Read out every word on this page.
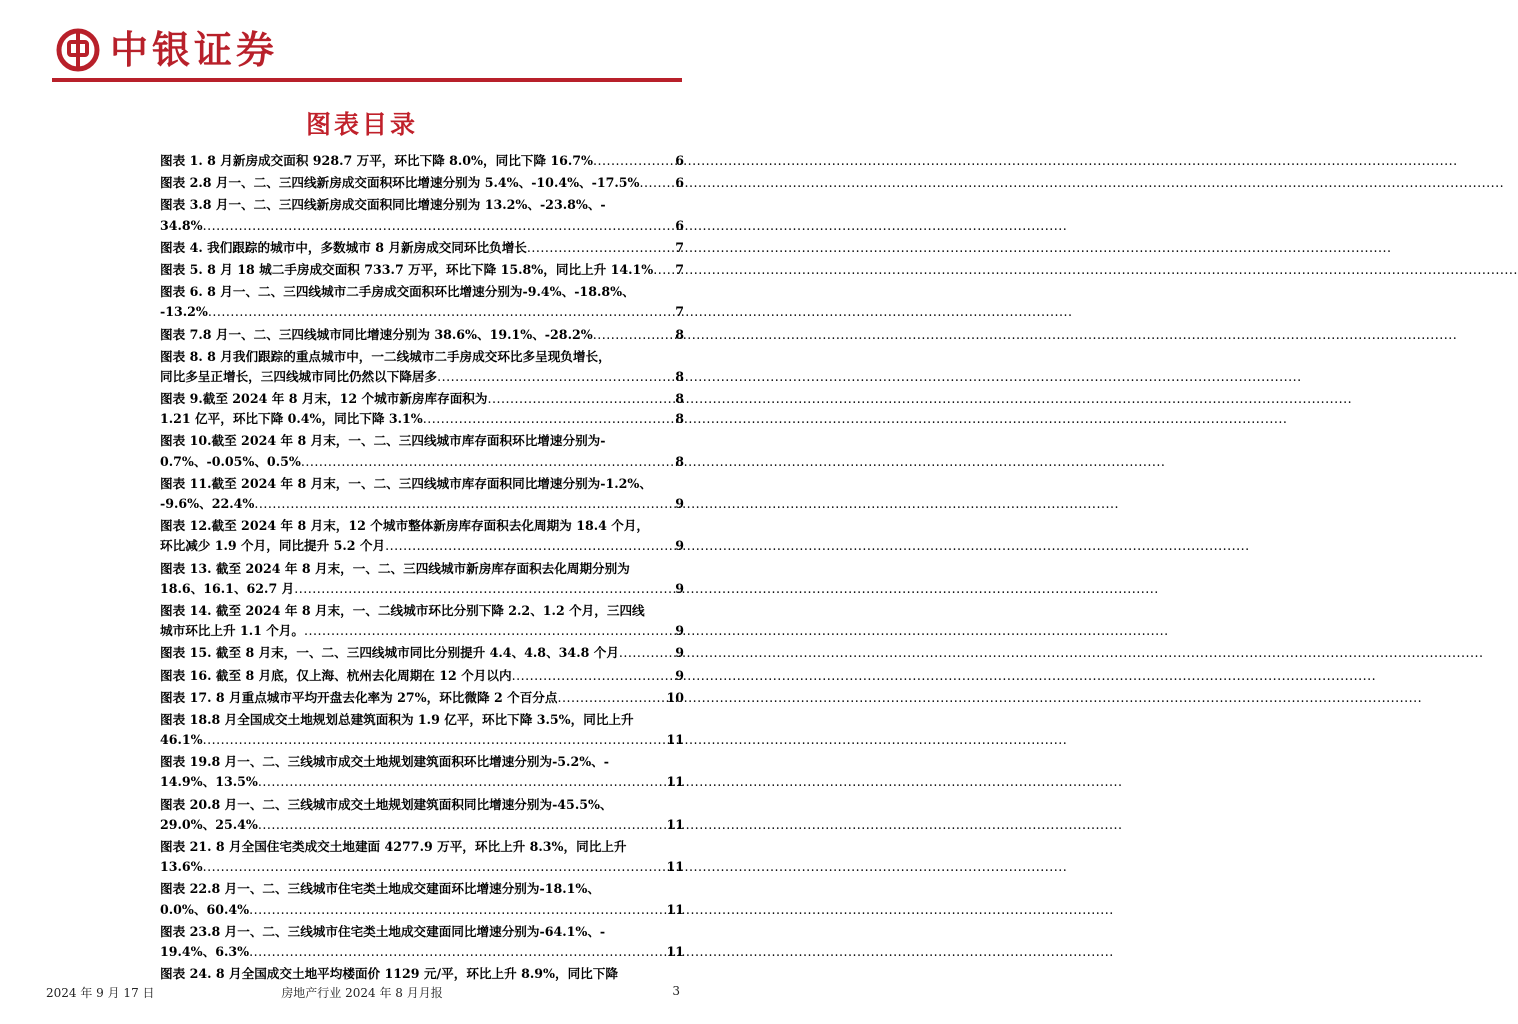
中银证券
图表目录
图表 1. 8 月新房成交面积 928.7 万平，环比下降 8.0%，同比下降 16.7% .....	6
图表 2.8 月一、二、三四线新房成交面积环比增速分别为 5.4%、-10.4%、-17.5% .....	6
图表 3.8 月一、二、三四线新房成交面积同比增速分别为 13.2%、-23.8%、-
34.8% .....	6
图表 4. 我们跟踪的城市中，多数城市 8 月新房成交同环比负增长 .....	7
图表 5. 8 月 18 城二手房成交面积 733.7 万平，环比下降 15.8%，同比上升 14.1% ..... 7
图表 6. 8 月一、二、三四线城市二手房成交面积环比增速分别为-9.4%、-18.8%、
-13.2% .....	7
图表 7.8 月一、二、三四线城市同比增速分别为 38.6%、19.1%、-28.2% .....	8
图表 8. 8 月我们跟踪的重点城市中，一二线城市二手房成交环比多呈现负增长，
同比多呈正增长，三四线城市同比仍然以下降居多 .....	8
图表 9.截至 2024 年 8 月末，12 个城市新房库存面积为 .....	8
1.21 亿平，环比下降 0.4%，同比下降 3.1% .....	8
图表 10.截至 2024 年 8 月末，一、二、三四线城市库存面积环比增速分别为-
0.7%、-0.05%、0.5% .....	8
图表 11.截至 2024 年 8 月末，一、二、三四线城市库存面积同比增速分别为-1.2%、
-9.6%、22.4% .....	9
图表 12.截至 2024 年 8 月末，12 个城市整体新房库存面积去化周期为 18.4 个月，
环比减少 1.9 个月，同比提升 5.2 个月 .....	9
图表 13. 截至 2024 年 8 月末，一、二、三四线城市新房库存面积去化周期分别为
18.6、16.1、62.7 月 .....	9
图表 14. 截至 2024 年 8 月末，一、二线城市环比分别下降 2.2、1.2 个月，三四线
城市环比上升 1.1 个月。 .....	9
图表 15. 截至 8 月末，一、二、三四线城市同比分别提升 4.4、4.8、34.8 个月 .....	9
图表 16. 截至 8 月底，仅上海、杭州去化周期在 12 个月以内 .....	9
图表 17. 8 月重点城市平均开盘去化率为 27%，环比微降 2 个百分点 .....	10
图表 18.8 月全国成交土地规划总建筑面积为 1.9 亿平，环比下降 3.5%，同比上升
46.1% .....	11
图表 19.8 月一、二、三线城市成交土地规划建筑面积环比增速分别为-5.2%、-
14.9%、13.5% .....	11
图表 20.8 月一、二、三线城市成交土地规划建筑面积同比增速分别为-45.5%、
29.0%、25.4% .....	11
图表 21. 8 月全国住宅类成交土地建面 4277.9 万平，环比上升 8.3%，同比上升
13.6% .....	11
图表 22.8 月一、二、三线城市住宅类土地成交建面环比增速分别为-18.1%、
0.0%、60.4% .....	11
图表 23.8 月一、二、三线城市住宅类土地成交建面同比增速分别为-64.1%、-
19.4%、6.3% .....	11
图表 24. 8 月全国成交土地平均楼面价 1129 元/平，环比上升 8.9%，同比下降
2024 年 9 月 17 日	房地产行业 2024 年 8 月月报	3
